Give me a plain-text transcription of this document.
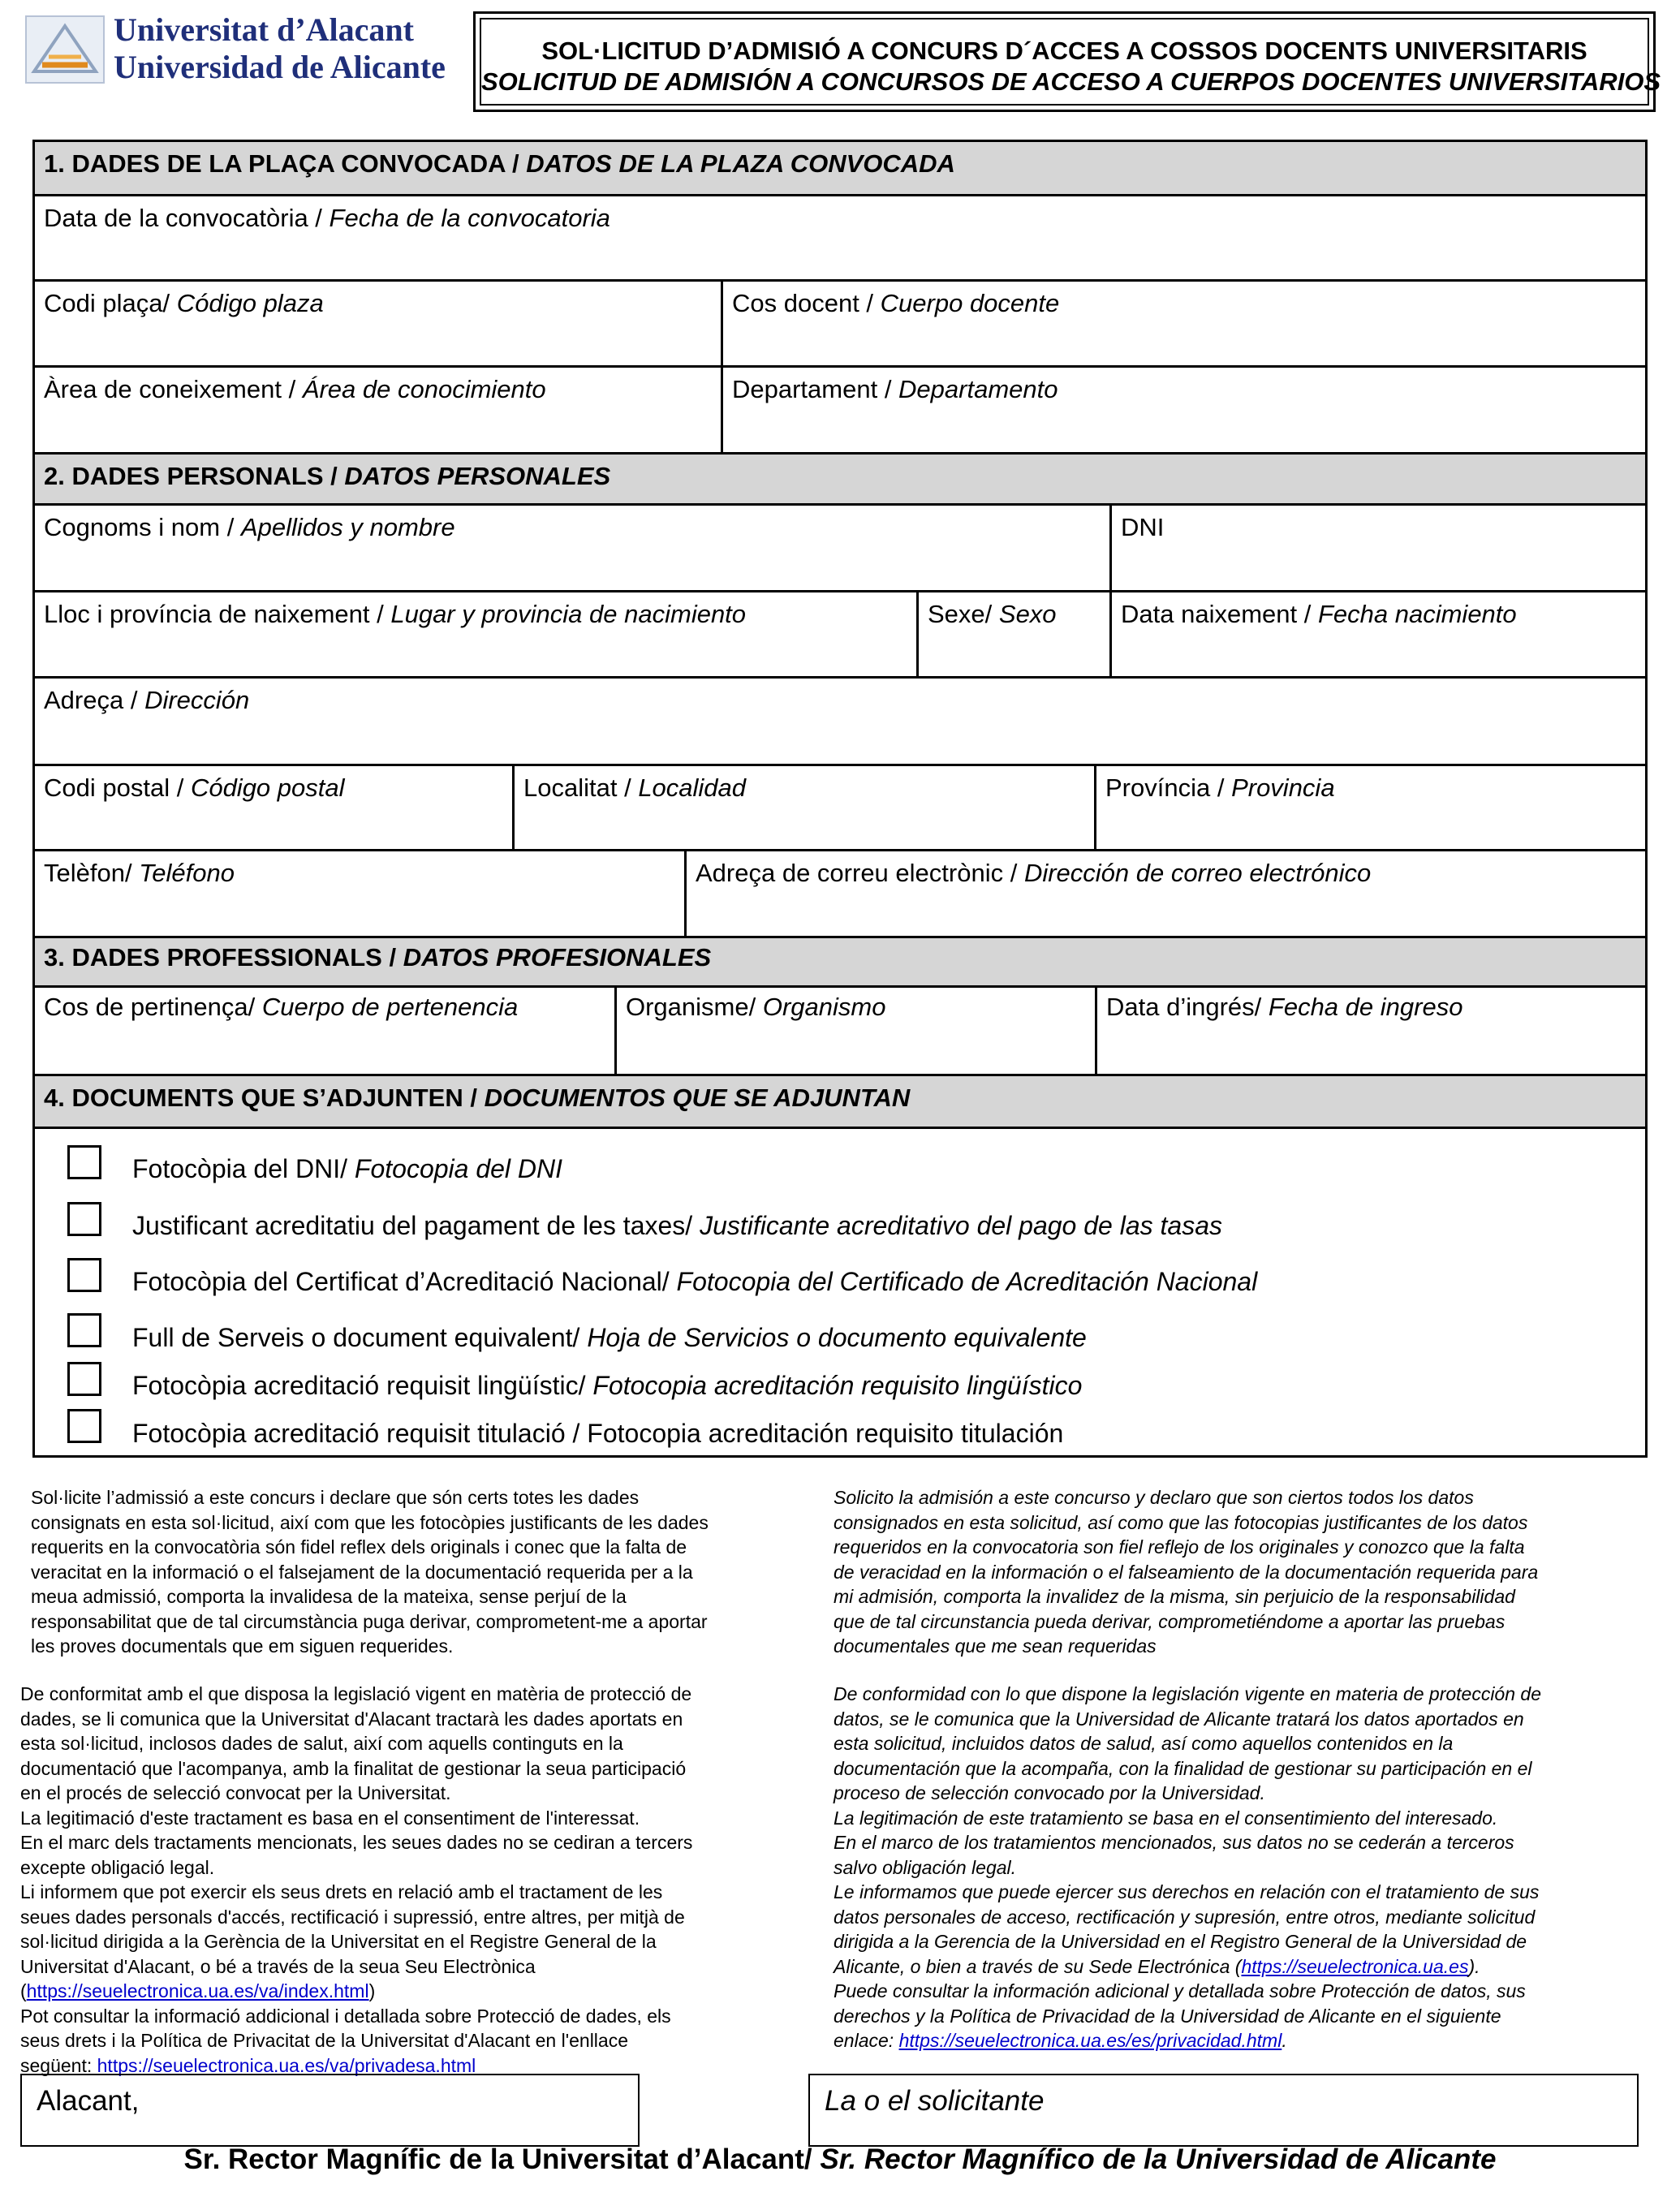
Universitat d’Alacant
Universidad de Alicante	SOL·LICITUD D’ADMISIÓ A CONCURS D´ACCES A COSSOS DOCENTS UNIVERSITARIS
SOLICITUD DE ADMISIÓN A CONCURSOS DE ACCESO A CUERPOS DOCENTES UNIVERSITARIOS
1. DADES DE LA PLAÇA CONVOCADA / DATOS DE LA PLAZA CONVOCADA
Data de la convocatòria / Fecha de la convocatoria
Codi plaça/ Código plaza	Cos docent / Cuerpo docente
Àrea de coneixement / Área de conocimiento	Departament / Departamento
2. DADES PERSONALS / DATOS PERSONALES
Cognoms i nom / Apellidos y nombre	DNI
Lloc i província de naixement / Lugar y provincia de nacimiento	Sexe/ Sexo	Data naixement / Fecha nacimiento
Adreça / Dirección
Codi postal / Código postal	Localitat / Localidad	Província / Provincia
Telèfon/ Teléfono	Adreça de correu electrònic / Dirección de correo electrónico
3. DADES PROFESSIONALS / DATOS PROFESIONALES
Cos de pertinença/ Cuerpo de pertenencia	Organisme/ Organismo	Data d’ingrés/ Fecha de ingreso
4. DOCUMENTS QUE S’ADJUNTEN / DOCUMENTOS QUE SE ADJUNTAN
Fotocòpia del DNI/ Fotocopia del DNI
Justificant acreditatiu del pagament de les taxes/ Justificante acreditativo del pago de las tasas
Fotocòpia del Certificat d’Acreditació Nacional/ Fotocopia del Certificado de Acreditación Nacional
Full de Serveis o document equivalent/ Hoja de Servicios o documento equivalente
Fotocòpia acreditació requisit lingüístic/ Fotocopia acreditación requisito lingüístico
Fotocòpia acreditació requisit titulació / Fotocopia acreditación requisito titulación
Sol·licite l’admissió a este concurs i declare que són certs totes les dades
consignats en esta sol·licitud, així com que les fotocòpies justificants de les dades
requerits en la convocatòria són fidel reflex dels originals i conec que la falta de
veracitat en la informació o el falsejament de la documentació requerida per a la
meua admissió, comporta la invalidesa de la mateixa, sense perjuí de la
responsabilitat que de tal circumstància puga derivar, comprometent-me a aportar
les proves documentals que em siguen requerides.
Solicito la admisión a este concurso y declaro que son ciertos todos los datos
consignados en esta solicitud, así como que las fotocopias justificantes de los datos
requeridos en la convocatoria son fiel reflejo de los originales y conozco que la falta
de veracidad en la información o el falseamiento de la documentación requerida para
mi admisión, comporta la invalidez de la misma, sin perjuicio de la responsabilidad
que de tal circunstancia pueda derivar, comprometiéndome a aportar las pruebas
documentales que me sean requeridas
De conformitat amb el que disposa la legislació vigent en matèria de protecció de
dades, se li comunica que la Universitat d'Alacant tractarà les dades aportats en
esta sol·licitud, inclosos dades de salut, així com aquells continguts en la
documentació que l'acompanya, amb la finalitat de gestionar la seua participació
en el procés de selecció convocat per la Universitat.
La legitimació d'este tractament es basa en el consentiment de l'interessat.
En el marc dels tractaments mencionats, les seues dades no se cediran a tercers
excepte obligació legal.
Li informem que pot exercir els seus drets en relació amb el tractament de les
seues dades personals d'accés, rectificació i supressió, entre altres, per mitjà de
sol·licitud dirigida a la Gerència de la Universitat en el Registre General de la
Universitat d'Alacant, o bé a través de la seua Seu Electrònica
(https://seuelectronica.ua.es/va/index.html)
Pot consultar la informació addicional i detallada sobre Protecció de dades, els
seus drets i la Política de Privacitat de la Universitat d'Alacant en l'enllace
següent: https://seuelectronica.ua.es/va/privadesa.html
De conformidad con lo que dispone la legislación vigente en materia de protección de
datos, se le comunica que la Universidad de Alicante tratará los datos aportados en
esta solicitud, incluidos datos de salud, así como aquellos contenidos en la
documentación que la acompaña, con la finalidad de gestionar su participación en el
proceso de selección convocado por la Universidad.
La legitimación de este tratamiento se basa en el consentimiento del interesado.
En el marco de los tratamientos mencionados, sus datos no se cederán a terceros
salvo obligación legal.
Le informamos que puede ejercer sus derechos en relación con el tratamiento de sus
datos personales de acceso, rectificación y supresión, entre otros, mediante solicitud
dirigida a la Gerencia de la Universidad en el Registro General de la Universidad de
Alicante, o bien a través de su Sede Electrónica (https://seuelectronica.ua.es).
Puede consultar la información adicional y detallada sobre Protección de datos, sus
derechos y la Política de Privacidad de la Universidad de Alicante en el siguiente
enlace: https://seuelectronica.ua.es/es/privacidad.html.
Alacant,	La o el solicitante
Sr. Rector Magnífic de la Universitat d’Alacant/ Sr. Rector Magnífico de la Universidad de Alicante
